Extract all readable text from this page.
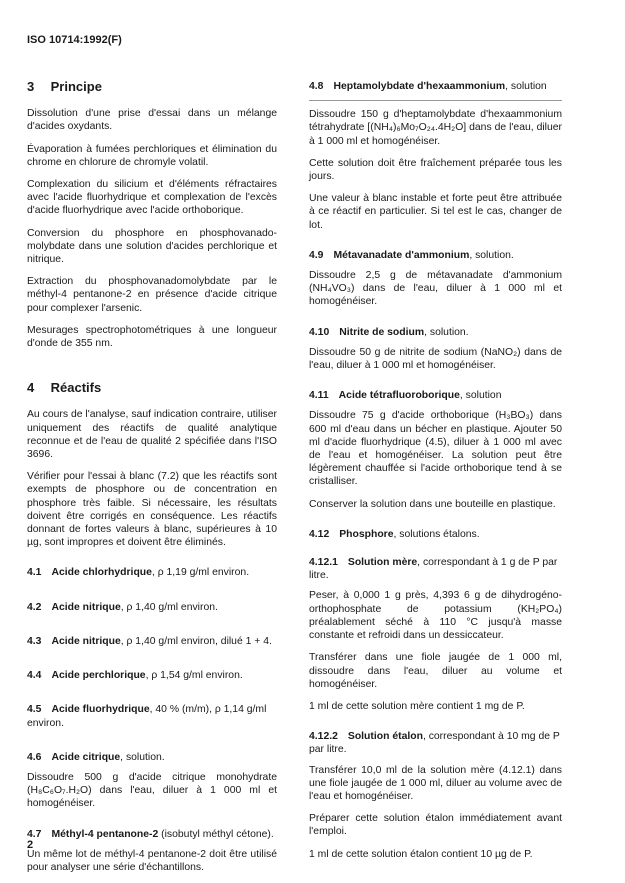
ISO 10714:1992(F)
3 Principe

Dissolution d'une prise d'essai dans un mélange d'acides oxydants.

Évaporation à fumées perchloriques et élimination du chrome en chlorure de chromyle volatil.

Complexation du silicium et d'éléments réfractaires avec l'acide fluorhydrique et complexation de l'excès d'acide fluorhydrique avec l'acide orthoborique.

Conversion du phosphore en phosphovanado-molybdate dans une solution d'acides perchlorique et nitrique.

Extraction du phosphovanadomolybdate par le méthyl-4 pentanone-2 en présence d'acide citrique pour complexer l'arsenic.

Mesurages spectrophotométriques à une longueur d'onde de 355 nm.

4 Réactifs

Au cours de l'analyse, sauf indication contraire, utiliser uniquement des réactifs de qualité analytique reconnue et de l'eau de qualité 2 spécifiée dans l'ISO 3696.

Vérifier pour l'essai à blanc (7.2) que les réactifs sont exempts de phosphore ou de concentration en phosphore très faible. Si nécessaire, les résultats doivent être corrigés en conséquence. Les réactifs donnant de fortes valeurs à blanc, supérieures à 10 µg, sont impropres et doivent être éliminés.

4.1 Acide chlorhydrique, ρ 1,19 g/ml environ.
4.2 Acide nitrique, ρ 1,40 g/ml environ.
4.3 Acide nitrique, ρ 1,40 g/ml environ, dilué 1 + 4.
4.4 Acide perchlorique, ρ 1,54 g/ml environ.
4.5 Acide fluorhydrique, 40 % (m/m), ρ 1,14 g/ml environ.
4.6 Acide citrique, solution.

Dissoudre 500 g d'acide citrique monohydrate (H₈C₆O₇.H₂O) dans l'eau, diluer à 1 000 ml et homogénéiser.

4.7 Méthyl-4 pentanone-2 (isobutyl méthyl cétone).

Un même lot de méthyl-4 pentanone-2 doit être utilisé pour analyser une série d'échantillons.

4.8 Heptamolybdate d'hexaammonium, solution

Dissoudre 150 g d'heptamolybdate d'hexaammonium tétrahydrate [(NH₄)₆Mo₇O₂₄.4H₂O] dans de l'eau, diluer à 1 000 ml et homogénéiser.

Cette solution doit être fraîchement préparée tous les jours.

Une valeur à blanc instable et forte peut être attribuée à ce réactif en particulier. Si tel est le cas, changer de lot.

4.9 Métavanadate d'ammonium, solution.

Dissoudre 2,5 g de métavanadate d'ammonium (NH₄VO₃) dans de l'eau, diluer à 1 000 ml et homogénéiser.

4.10 Nitrite de sodium, solution.

Dissoudre 50 g de nitrite de sodium (NaNO₂) dans de l'eau, diluer à 1 000 ml et homogénéiser.

4.11 Acide tétrafluoroborique, solution

Dissoudre 75 g d'acide orthoborique (H₃BO₃) dans 600 ml d'eau dans un bécher en plastique. Ajouter 50 ml d'acide fluorhydrique (4.5), diluer à 1 000 ml avec de l'eau et homogénéiser. La solution peut être légèrement chauffée si l'acide orthoborique tend à se cristalliser.

Conserver la solution dans une bouteille en plastique.

4.12 Phosphore, solutions étalons.
4.12.1 Solution mère, correspondant à 1 g de P par litre.

Peser, à 0,000 1 g près, 4,393 6 g de dihydrogéno-orthophosphate de potassium (KH₂PO₄) préalablement séché à 110 °C jusqu'à masse constante et refroidi dans un dessiccateur.

Transférer dans une fiole jaugée de 1 000 ml, dissoudre dans l'eau, diluer au volume et homogénéiser.

1 ml de cette solution mère contient 1 mg de P.

4.12.2 Solution étalon, correspondant à 10 mg de P par litre.

Transférer 10,0 ml de la solution mère (4.12.1) dans une fiole jaugée de 1 000 ml, diluer au volume avec de l'eau et homogénéiser.

Préparer cette solution étalon immédiatement avant l'emploi.

1 ml de cette solution étalon contient 10 µg de P.

2
